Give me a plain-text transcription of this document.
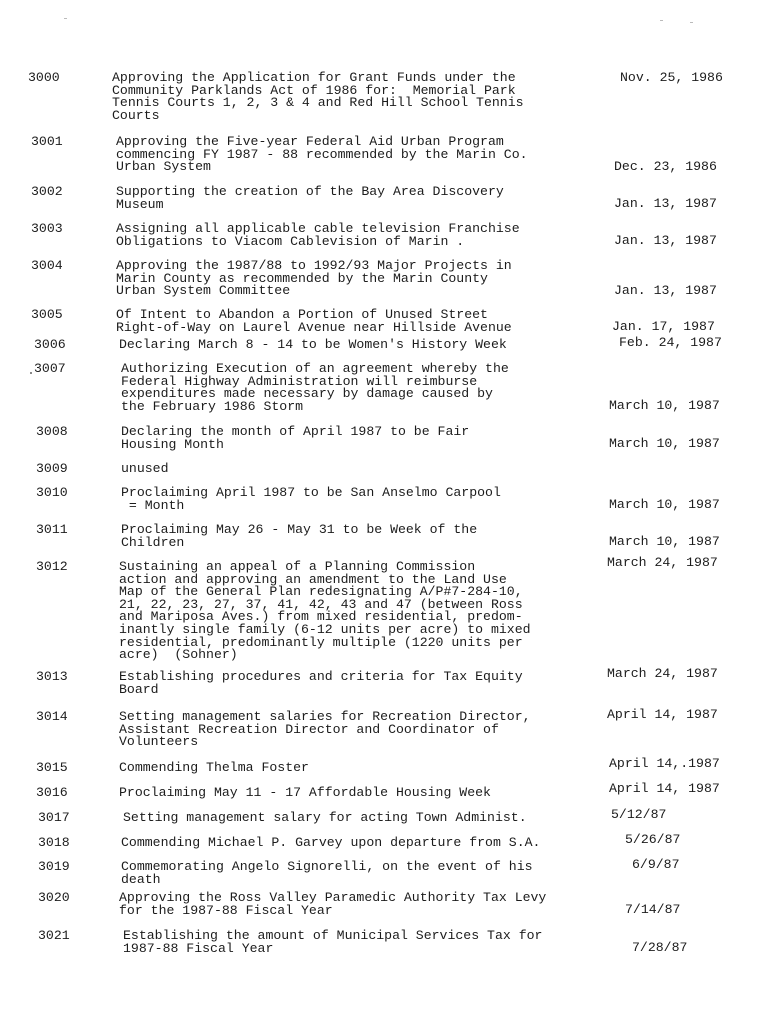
3000	Approving the Application for Grant Funds under the
Community Parklands Act of 1986 for:  Memorial Park
Tennis Courts 1, 2, 3 & 4 and Red Hill School Tennis
Courts
Nov. 25, 1986
3001	Approving the Five-year Federal Aid Urban Program
commencing FY 1987 - 88 recommended by the Marin Co.
Urban System	Dec. 23, 1986
3002	Supporting the creation of the Bay Area Discovery
Museum	Jan. 13, 1987
3003	Assigning all applicable cable television Franchise
Obligations to Viacom Cablevision of Marin .	Jan. 13, 1987
3004	Approving the 1987/88 to 1992/93 Major Projects in
Marin County as recommended by the Marin County
Urban System Committee	Jan. 13, 1987
3005	Of Intent to Abandon a Portion of Unused Street
Right-of-Way on Laurel Avenue near Hillside Avenue	Jan. 17, 1987
3006	Declaring March 8 - 14 to be Women's History Week	Feb. 24, 1987
3007	Authorizing Execution of an agreement whereby the
Federal Highway Administration will reimburse
expenditures made necessary by damage caused by
the February 1986 Storm	March 10, 1987
3008	Declaring the month of April 1987 to be Fair
Housing Month	March 10, 1987
3009	unused
3010	Proclaiming April 1987 to be San Anselmo Carpool
= Month	March 10, 1987
3011	Proclaiming May 26 - May 31 to be Week of the
Children	March 10, 1987
3012	Sustaining an appeal of a Planning Commission
action and approving an amendment to the Land Use
Map of the General Plan redesignating A/P#7-284-10,
21, 22, 23, 27, 37, 41, 42, 43 and 47 (between Ross
and Mariposa Aves.) from mixed residential, predom-
inantly single family (6-12 units per acre) to mixed
residential, predominantly multiple (1220 units per
acre)  (Sohner)
March 24, 1987
3013	Establishing procedures and criteria for Tax Equity
Board
March 24, 1987
3014	Setting management salaries for Recreation Director,
Assistant Recreation Director and Coordinator of
Volunteers
April 14, 1987
3015	Commending Thelma Foster	April 14,.1987
3016	Proclaiming May 11 - 17 Affordable Housing Week	April 14, 1987
3017	Setting management salary for acting Town Administ.	5/12/87
3018	Commending Michael P. Garvey upon departure from S.A.	5/26/87
3019	Commemorating Angelo Signorelli, on the event of his
death
6/9/87
3020	Approving the Ross Valley Paramedic Authority Tax Levy
for the 1987-88 Fiscal Year	7/14/87
3021	Establishing the amount of Municipal Services Tax for
1987-88 Fiscal Year	7/28/87
